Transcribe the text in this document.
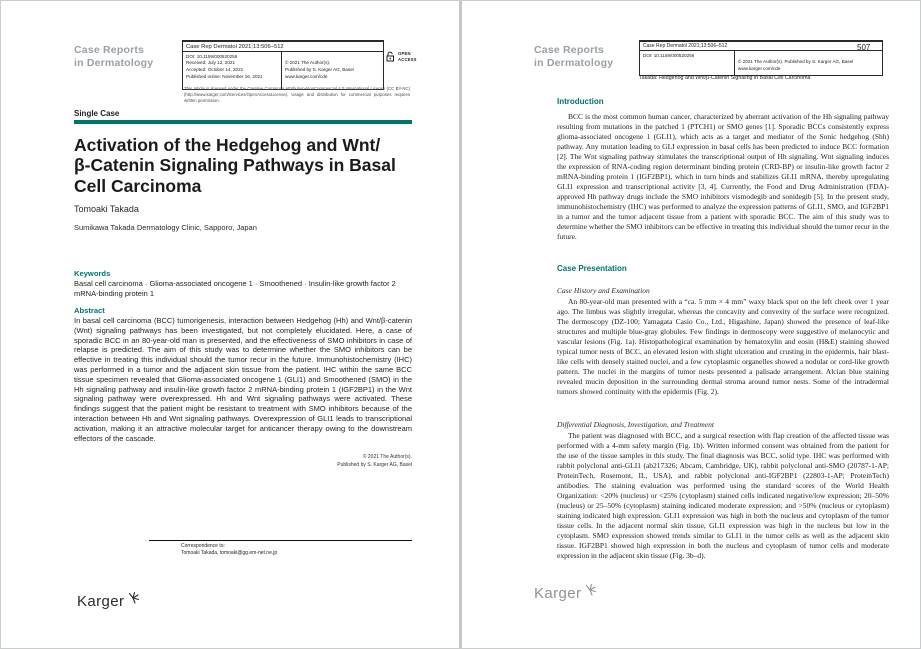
Case Reports
in Dermatology
Case Rep Dermatol 2021;13:506–512
DOI: 10.1159/000520256
Received: July 12, 2021
Accepted: October 14, 2021
Published online: November 16, 2021

© 2021 The Author(s).
Published by S. Karger AG, Basel

www.karger.com/cde

OPEN
ACCESS
This article is licensed under the Creative Commons Attribution-NonCommercial 4.0 International License (CC BY-NC) (http://www.karger.com/Services/OpenAccessLicense). Usage and distribution for commercial purposes requires written permission.
Single Case
Activation of the Hedgehog and Wnt/
β-Catenin Signaling Pathways in Basal
Cell Carcinoma
Tomoaki Takada
Sumikawa Takada Dermatology Clinic, Sapporo, Japan
Keywords
Basal cell carcinoma · Glioma-associated oncogene 1 · Smoothened · Insulin-like growth factor 2 mRNA-binding protein 1
Abstract
In basal cell carcinoma (BCC) tumorigenesis, interaction between Hedgehog (Hh) and Wnt/β-catenin (Wnt) signaling pathways has been investigated, but not completely elucidated. Here, a case of sporadic BCC in an 80-year-old man is presented, and the effectiveness of SMO inhibitors in case of relapse is predicted. The aim of this study was to determine whether the SMO inhibitors can be effective in treating this individual should the tumor recur in the future. Immunohistochemistry (IHC) was performed in a tumor and the adjacent skin tissue from the patient. IHC within the same BCC tissue specimen revealed that Glioma-associated oncogene 1 (GLI1) and Smoothened (SMO) in the Hh signaling pathway and insulin-like growth factor 2 mRNA-binding protein 1 (IGF2BP1) in the Wnt signaling pathway were overexpressed. Hh and Wnt signaling pathways were activated. These findings suggest that the patient might be resistant to treatment with SMO inhibitors because of the interaction between Hh and Wnt signaling pathways. Overexpression of GLI1 leads to transcriptional activation, making it an attractive molecular target for anticancer therapy owing to the downstream effectors of the cascade.
© 2021 The Author(s).
Published by S. Karger AG, Basel
Correspondence to:
Tomoaki Takada, tomoaki@gg.em-net.ne.jp
Karger
Case Reports
in Dermatology
Case Rep Dermatol 2021;13:506–512
DOI: 10.1159/000520256

© 2021 The Author(s). Published by S. Karger AG, Basel
www.karger.com/cde

Takada: Hedgehog and Wnt/β-Catenin Signaling in Basal Cell Carcinoma
507
Introduction
BCC is the most common human cancer, characterized by aberrant activation of the Hh signaling pathway resulting from mutations in the patched 1 (PTCH1) or SMO genes [1]. Sporadic BCCs consistently express glioma-associated oncogene 1 (GLI1), which acts as a target and mediator of the Sonic hedgehog (Shh) pathway. Any mutation leading to GLI expression in basal cells has been predicted to induce BCC formation [2]. The Wnt signaling pathway stimulates the transcriptional output of Hh signaling. Wnt signaling induces the expression of RNA-coding region determinant binding protein (CRD-BP) or insulin-like growth factor 2 mRNA-binding protein 1 (IGF2BP1), which in turn binds and stabilizes GLI1 mRNA, thereby upregulating GLI1 expression and transcriptional activity [3, 4]. Currently, the Food and Drug Administration (FDA)-approved Hh pathway drugs include the SMO inhibitors vismodegib and sonidegib [5]. In the present study, immunohistochemistry (IHC) was performed to analyze the expression patterns of GLI1, SMO, and IGF2BP1 in a tumor and the tumor adjacent tissue from a patient with sporadic BCC. The aim of this study was to determine whether the SMO inhibitors can be effective in treating this individual should the tumor recur in the future.
Case Presentation
Case History and Examination
An 80-year-old man presented with a “ca. 5 mm × 4 mm” waxy black spot on the left cheek over 1 year ago. The limbus was slightly irregular, whereas the concavity and convexity of the surface were recognized. The dermoscopy (DZ-100; Yamagata Casio Co., Ltd., Higashine, Japan) showed the presence of leaf-like structures and multiple blue-gray globules. Few findings in dermoscopy were suggestive of melanocytic and vascular lesions (Fig. 1a). Histopathological examination by hematoxylin and eosin (H&E) staining showed typical tumor nests of BCC, an elevated lesion with slight ulceration and crusting in the epidermis, hair blast-like cells with densely stained nuclei, and a few cytoplasmic organelles showed a nodular or cord-like growth pattern. The nuclei in the margins of tumor nests presented a palisade arrangement. Alcian blue staining revealed mucin deposition in the surrounding dermal stroma around tumor nests. Some of the intradermal tumors showed continuity with the epidermis (Fig. 2).
Differential Diagnosis, Investigation, and Treatment
The patient was diagnosed with BCC, and a surgical resection with flap creation of the affected tissue was performed with a 4-mm safety margin (Fig. 1b). Written informed consent was obtained from the patient for the use of the tissue samples in this study. The final diagnosis was BCC, solid type. IHC was performed with rabbit polyclonal anti-GLI1 (ab217326; Abcam, Cambridge, UK), rabbit polyclonal anti-SMO (20787-1-AP; ProteinTech, Rosemont, IL, USA), and rabbit polyclonal anti-IGF2BP1 (22803-1-AP; ProteinTech) antibodies. The staining evaluation was performed using the standard scores of the World Health Organization: <20% (nucleus) or <25% (cytoplasm) stained cells indicated negative/low expression; 20–50% (nucleus) or 25–50% (cytoplasm) staining indicated moderate expression; and >50% (nucleus or cytoplasm) staining indicated high expression. GLI1 expression was high in both the nucleus and cytoplasm of the tumor tissue cells. In the adjacent normal skin tissue, GLI1 expression was high in the nucleus but low in the cytoplasm. SMO expression showed trends similar to GLI1 in the tumor cells as well as the adjacent skin tissue. IGF2BP1 showed high expression in both the nucleus and cytoplasm of tumor cells and moderate expression in the adjacent skin tissue (Fig. 3b–d).
Karger
